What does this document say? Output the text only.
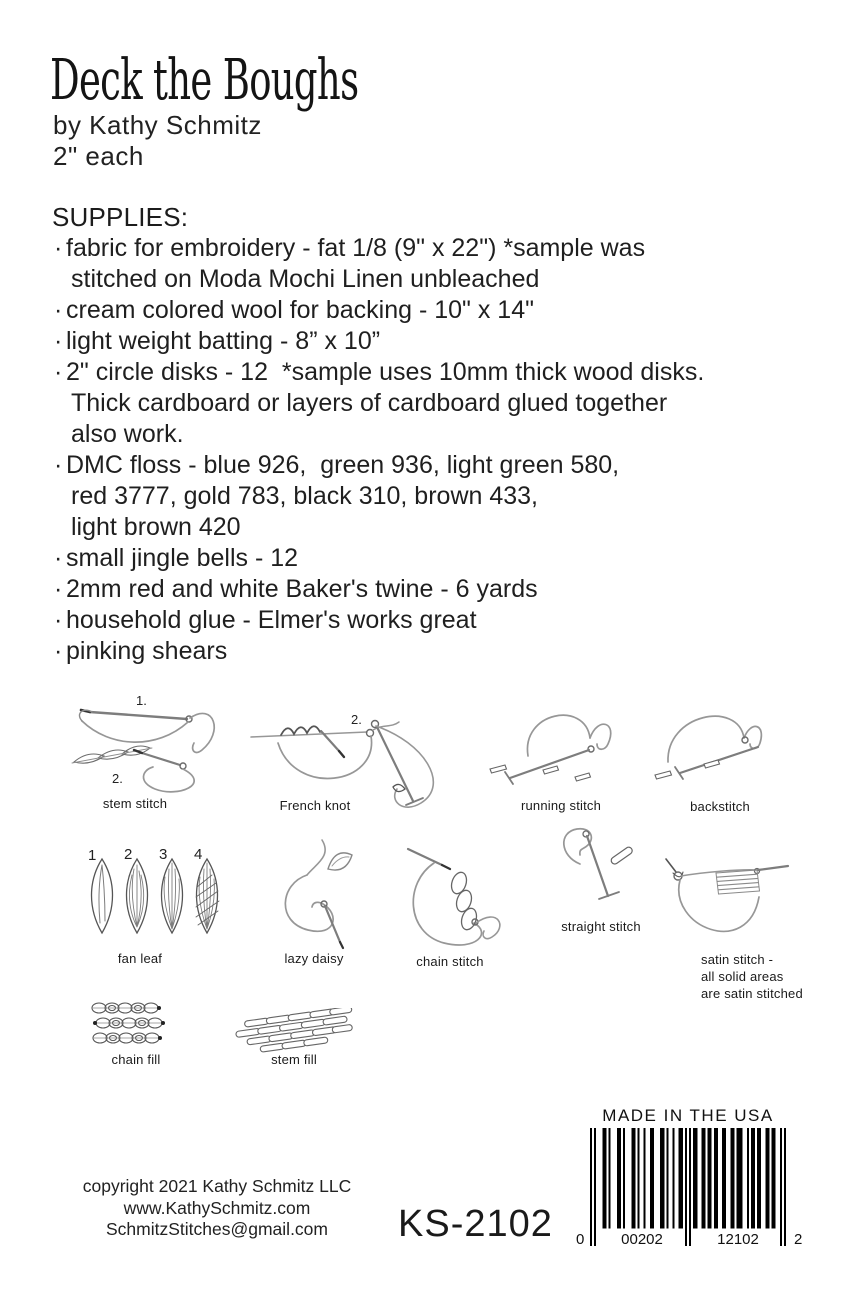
Deck the Boughs
by Kathy Schmitz
2" each
SUPPLIES:
· fabric for embroidery - fat 1/8 (9" x 22") *sample was
stitched on Moda Mochi Linen unbleached
· cream colored wool for backing - 10" x 14"
· light weight batting - 8” x 10”
· 2" circle disks - 12  *sample uses 10mm thick wood disks.
Thick cardboard or layers of cardboard glued together
also work.
· DMC floss - blue 926,  green 936, light green 580,
red 3777, gold 783, black 310, brown 433,
light brown 420
· small jingle bells - 12
· 2mm red and white Baker's twine - 6 yards
· household glue - Elmer's works great
· pinking shears
1.
2.
stem stitch
2.
French knot	running stitch	backstitch
1 2 3 4
fan leaf	lazy daisy	chain stitch
straight stitch
satin stitch -
all solid areas
are satin stitched
chain fill	stem fill
MADE IN THE USA
0	00202	12102	2
copyright 2021 Kathy Schmitz LLC
www.KathySchmitz.com
SchmitzStitches@gmail.com	KS-2102
